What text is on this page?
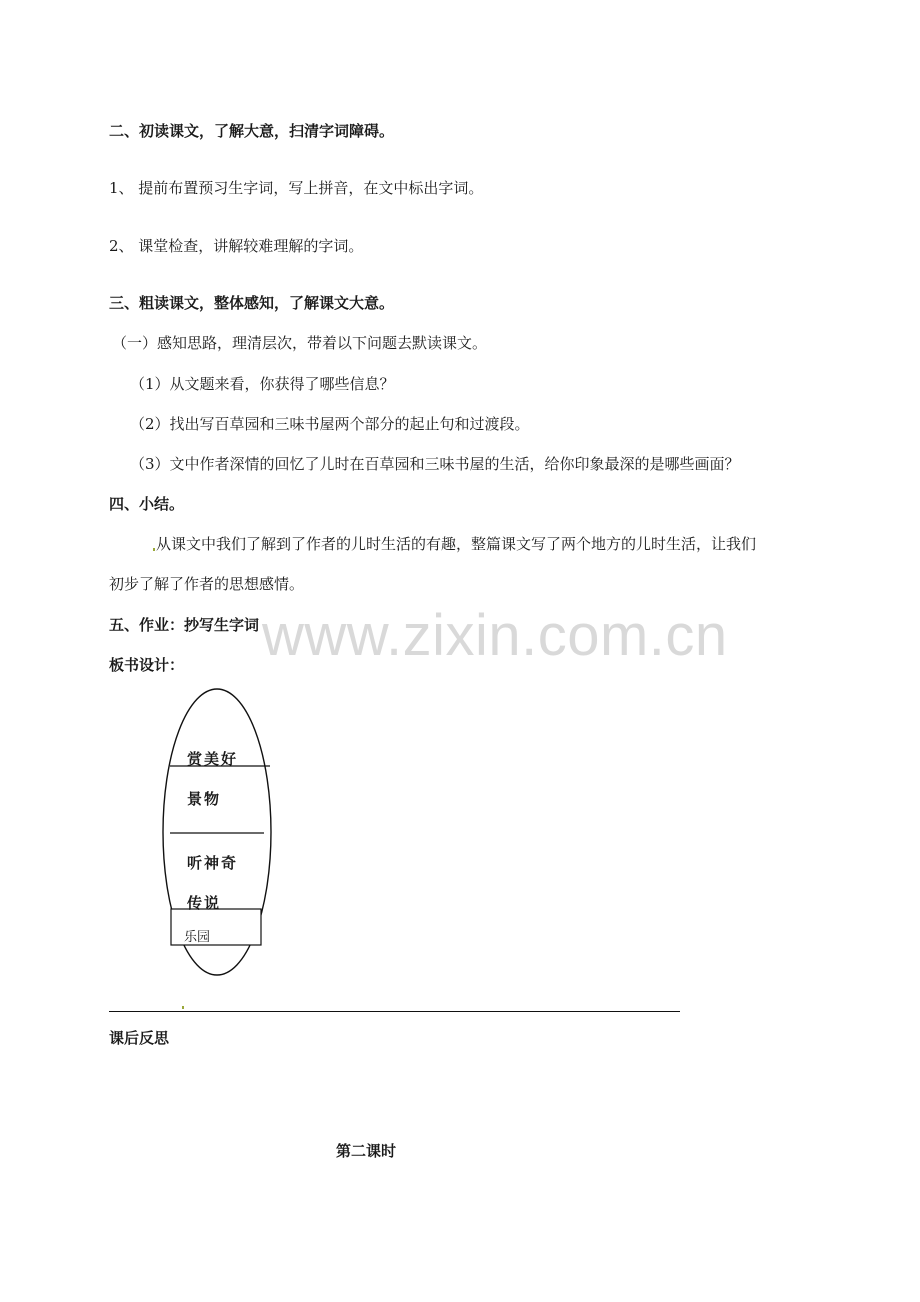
二、初读课文，了解大意，扫清字词障碍。
1、 提前布置预习生字词，写上拼音，在文中标出字词。
2、 课堂检查，讲解较难理解的字词。
三、粗读课文，整体感知，了解课文大意。
（一）感知思路，理清层次，带着以下问题去默读课文。
（1）从文题来看，你获得了哪些信息？
（2）找出写百草园和三味书屋两个部分的起止句和过渡段。
（3）文中作者深情的回忆了儿时在百草园和三味书屋的生活，给你印象最深的是哪些画面？
四、小结。
从课文中我们了解到了作者的儿时生活的有趣，整篇课文写了两个地方的儿时生活，让我们
初步了解了作者的思想感情。
五、作业：抄写生字词 www.zixin.com.cn
板书设计：
赏美好
景物
听神奇
传说
乐园
课后反思
第二课时
